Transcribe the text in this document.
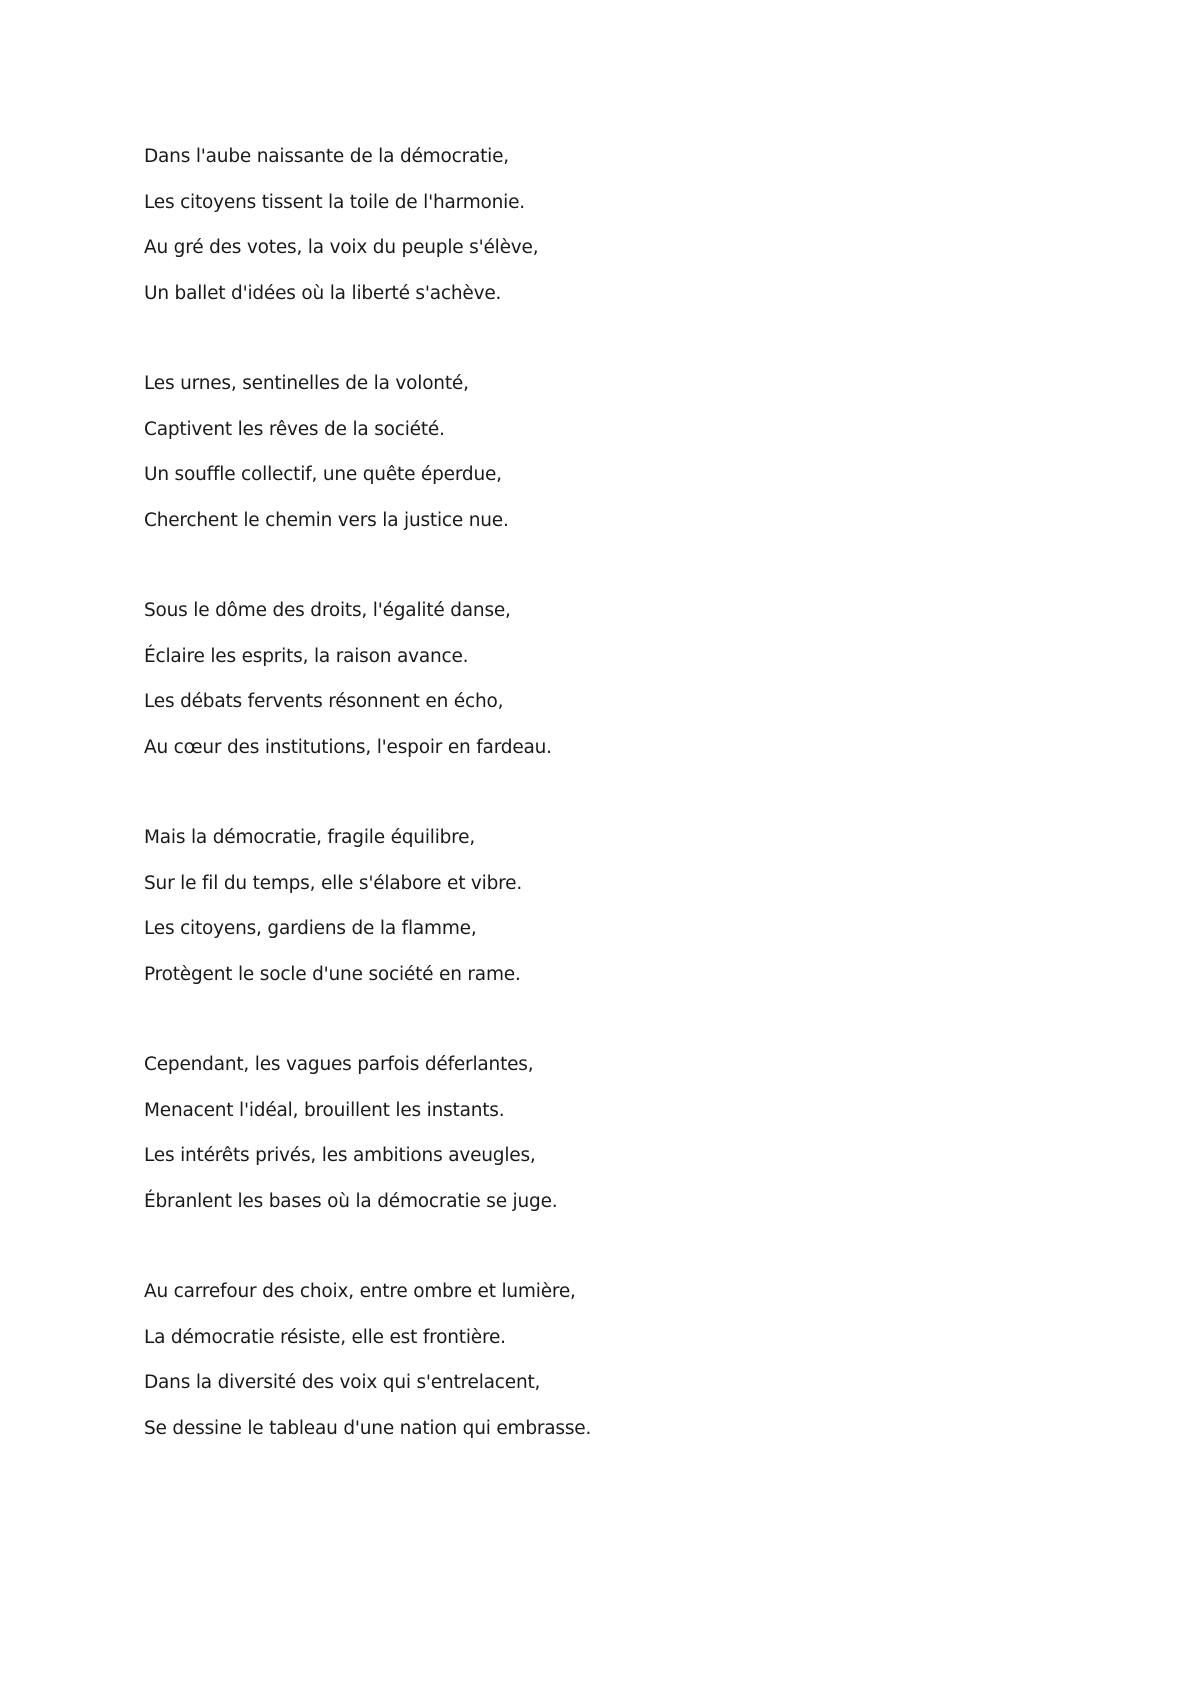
Dans l'aube naissante de la démocratie,
Les citoyens tissent la toile de l'harmonie.
Au gré des votes, la voix du peuple s'élève,
Un ballet d'idées où la liberté s'achève.
Les urnes, sentinelles de la volonté,
Captivent les rêves de la société.
Un souffle collectif, une quête éperdue,
Cherchent le chemin vers la justice nue.
Sous le dôme des droits, l'égalité danse,
Éclaire les esprits, la raison avance.
Les débats fervents résonnent en écho,
Au cœur des institutions, l'espoir en fardeau.
Mais la démocratie, fragile équilibre,
Sur le fil du temps, elle s'élabore et vibre.
Les citoyens, gardiens de la flamme,
Protègent le socle d'une société en rame.
Cependant, les vagues parfois déferlantes,
Menacent l'idéal, brouillent les instants.
Les intérêts privés, les ambitions aveugles,
Ébranlent les bases où la démocratie se juge.
Au carrefour des choix, entre ombre et lumière,
La démocratie résiste, elle est frontière.
Dans la diversité des voix qui s'entrelacent,
Se dessine le tableau d'une nation qui embrasse.
